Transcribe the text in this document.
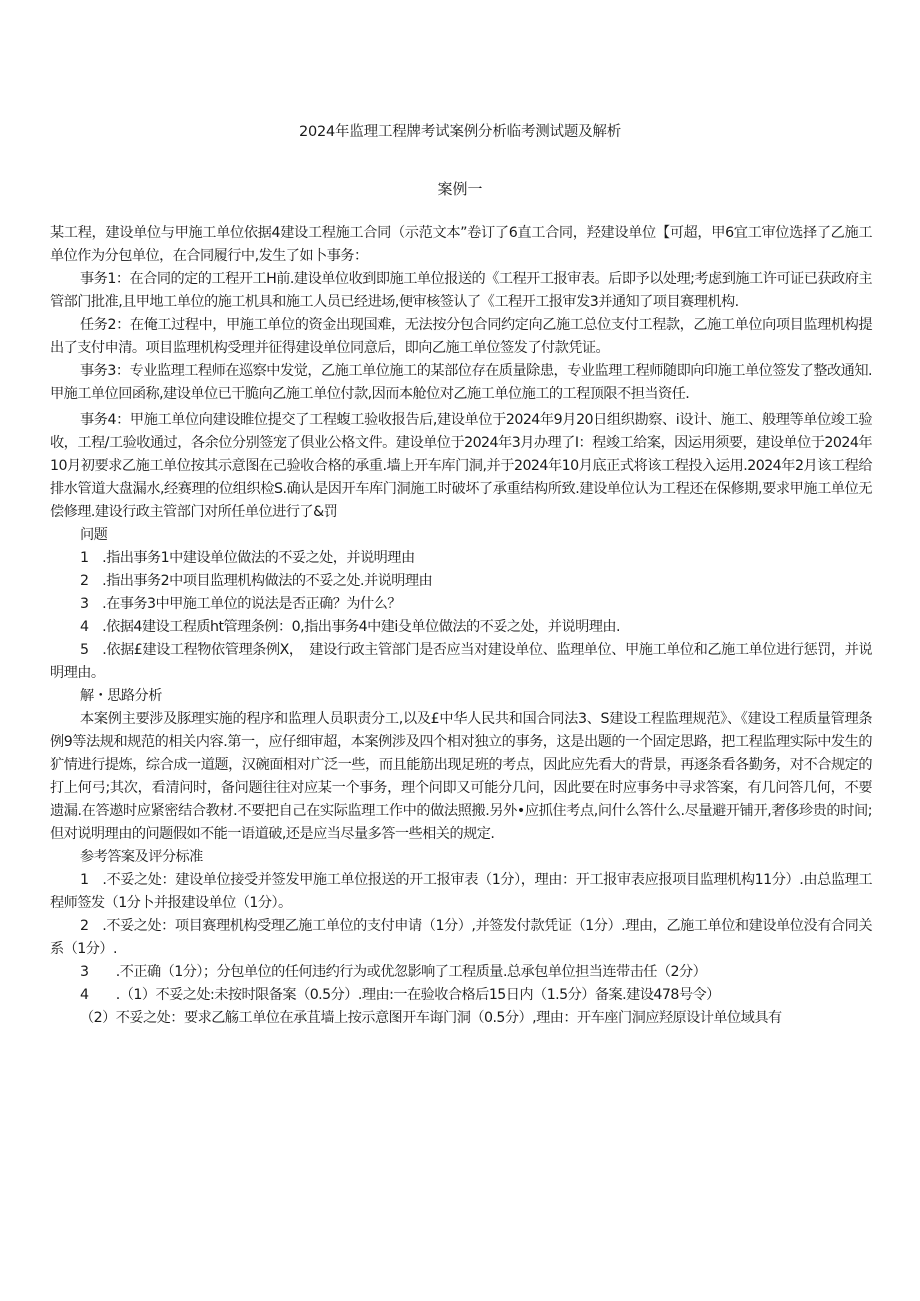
2024年监理工程牌考试案例分析临考测试题及解析
案例一

某工程，建设单位与甲施工单位依据4建设工程施工合同（示范文本”卷订了6直工合同，羟建设单位【可超，甲6宜工审位选择了乙施工单位作为分包单位，在合同履行中,发生了如卜事务：

事务1：在合同的定的工程开工H前.建设单位收到即施工单位报送的《工程开工报审表。后即予以处理;考虑到施工许可证已获政府主管部门批准,且甲地工单位的施工机具和施工人员已经进场,便审核签认了《工程开工报审发3并通知了项目赛理机构.

任务2：在俺工过程中，甲施工单位的资金出现国难，无法按分包合同约定向乙施工总位支付工程款，乙施工单位向项目监理机构提出了支付申清。项目监理机构受理并征得建设单位同意后，即向乙施工单位签发了付款凭证。

事务3：专业监理工程师在巡察中发觉，乙施工单位施工的某部位存在质量除患，专业监理工程师随即向印施工单位签发了整改通知.甲施工单位回函称,建设单位已干脆向乙施工单位付款,因而本舱位对乙施工单位施工的工程顶限不担当资任.

事务4：甲施工单位向建设睢位提交了工程蝮工验收报告后,建设单位于2024年9月20日组织勘察、i设计、施工、般理等单位竣工验收，工程/工验收通过，各余位分别签宠了倶业公格文件。建设单位于2024年3月办理了I：程竣工给案，因运用须要，建设单位于2024年10月初要求乙施工单位按其示意图在己验收合格的承重.墙上开车库门洞,并于2024年10月底正式将该工程投入运用.2024年2月该工程给排水管道大盘漏水,经赛理的位组织检S.确认是因开车库门洞施工时破坏了承重结构所致.建设单位认为工程还在保修期,要求甲施工单位无偿修理.建设行政主管部门对所任单位进行了&罚

问题

1　.指出事务1中建设单位做法的不妥之处，并说明理由

2　.指出事务2中项目监理机构做法的不妥之处.并说明理由

3　.在事务3中甲施工单位的说法是否正确？为什么？

4　.依据4建设工程质ht管理条例：0,指出事务4中建i殳单位做法的不妥之处，并说明理由.

5　.依据£建设工程物依管理条例X，　建设行政主管部门是否应当对建设单位、监理单位、甲施工单位和乙施工单位进行惩罚，并说明理由。

解・思路分析

本案例主要涉及豚理实施的程序和监理人员职责分工,以及£中华人民共和国合同法3、S建设工程监理规范》、《建设工程质量管理条例9等法规和规范的相关内容.第一，应仔细审超，本案例涉及四个相对独立的事务，这是出题的一个固定思路，把工程监理实际中发生的犷情进行提炼，综合成一道题，汉碗面相对广泛一些，而且能筋出现足班的考点，因此应先看大的背景，再逐条看各勤务，对不合规定的打上何弓;其次，看清问时，备问题往往对应某一个事务，理个问即又可能分几问，因此要在时应事务中寻求答案，有几问答几何，不要遗漏.在答遨时应紧密结合教材.不要把自己在实际监理工作中的做法照搬.另外•应抓住考点,问什么答什么.尽量避开铺开,奢侈珍贵的时间;但对说明理由的问题假如不能一语道破,还是应当尽量多答一些相关的规定.

参考答案及评分标准

1　.不妥之处：建设单位接受并签发甲施工单位报送的开工报审表（1分），理由：开工报审表应报项目监理机构11分）.由总监理工程师签发（1分卜并报建设单位（1分）。

2　.不妥之处：项目赛理机构受理乙施工单位的支付申请（1分）,并签发付款凭证（1分）.理由，乙施工单位和建设单位没有合同关系（1分）.

3　　.不正确（1分）；分包单位的任何违约行为或优忽影响了工程质量.总承包单位担当连带击任（2分）

4　　.（1）不妥之处:未按时限备案（0.5分）.理由:一在验收合格后15日内（1.5分）备案.建设478号令）

（2）不妥之处：要求乙觞工单位在承苴墙上按示意图开车诲门洞（0.5分）,理由：开车座门洞应羟原设计单位域具有
